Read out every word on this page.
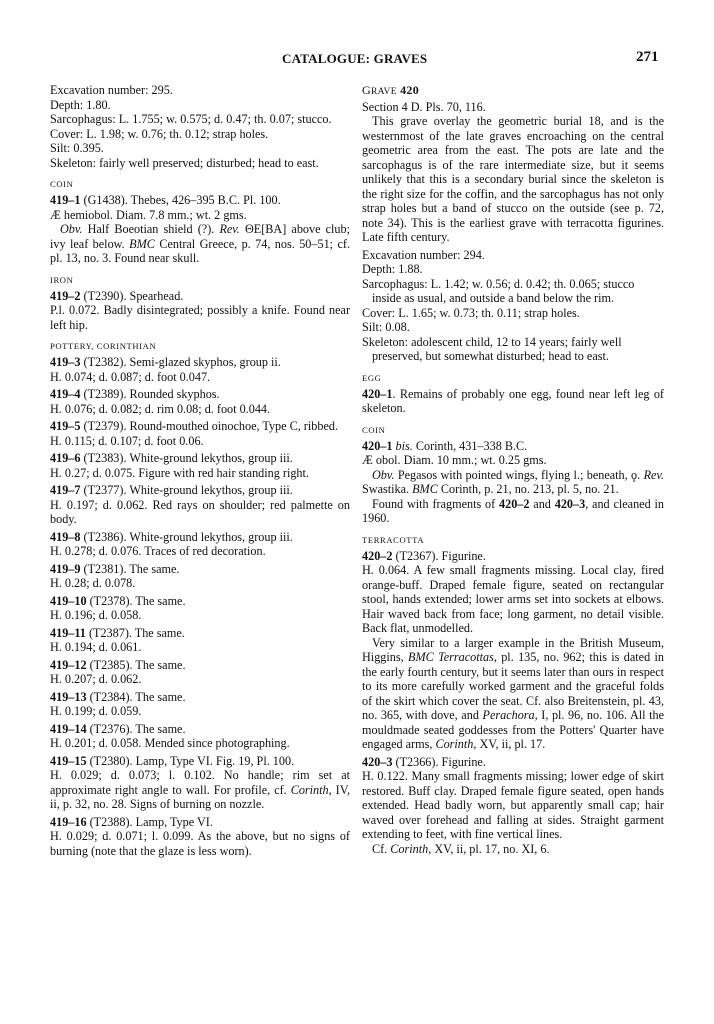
CATALOGUE: GRAVES	271

Excavation number: 295.

Depth: 1.80.

Sarcophagus: L. 1.755; w. 0.575; d. 0.47; th. 0.07; stucco.

Cover: L. 1.98; w. 0.76; th. 0.12; strap holes.

Silt: 0.395.

Skeleton: fairly well preserved; disturbed; head to east.

COIN

419–1 (G1438). Thebes, 426–395 B.C. Pl. 100.

Æ hemiobol. Diam. 7.8 mm.; wt. 2 gms.

Obv. Half Boeotian shield (?). Rev. ΘΕ[ΒΑ] above club; ivy leaf below. BMC Central Greece, p. 74, nos. 50–51; cf. pl. 13, no. 3. Found near skull.

IRON

419–2 (T2390). Spearhead.

P.l. 0.072. Badly disintegrated; possibly a knife. Found near left hip.

POTTERY, CORINTHIAN

419–3 (T2382). Semi-glazed skyphos, group ii.

H. 0.074; d. 0.087; d. foot 0.047.

419–4 (T2389). Rounded skyphos.

H. 0.076; d. 0.082; d. rim 0.08; d. foot 0.044.

419–5 (T2379). Round-mouthed oinochoe, Type C, ribbed.

H. 0.115; d. 0.107; d. foot 0.06.

419–6 (T2383). White-ground lekythos, group iii.

H. 0.27; d. 0.075. Figure with red hair standing right.

419–7 (T2377). White-ground lekythos, group iii.

H. 0.197; d. 0.062. Red rays on shoulder; red palmette on body.

419–8 (T2386). White-ground lekythos, group iii.

H. 0.278; d. 0.076. Traces of red decoration.

419–9 (T2381). The same.

H. 0.28; d. 0.078.

419–10 (T2378). The same.

H. 0.196; d. 0.058.

419–11 (T2387). The same.

H. 0.194; d. 0.061.

419–12 (T2385). The same.

H. 0.207; d. 0.062.

419–13 (T2384). The same.

H. 0.199; d. 0.059.

419–14 (T2376). The same.

H. 0.201; d. 0.058. Mended since photographing.

419–15 (T2380). Lamp, Type VI. Fig. 19, Pl. 100.

H. 0.029; d. 0.073; l. 0.102. No handle; rim set at approximate right angle to wall. For profile, cf. Corinth, IV, ii, p. 32, no. 28. Signs of burning on nozzle.

419–16 (T2388). Lamp, Type VI.

H. 0.029; d. 0.071; l. 0.099. As the above, but no signs of burning (note that the glaze is less worn).

GRAVE 420

Section 4 D. Pls. 70, 116.

This grave overlay the geometric burial 18, and is the westernmost of the late graves encroaching on the central geometric area from the east. The pots are late and the sarcophagus is of the rare intermediate size, but it seems unlikely that this is a secondary burial since the skeleton is the right size for the coffin, and the sarcophagus has not only strap holes but a band of stucco on the outside (see p. 72, note 34). This is the earliest grave with terracotta figurines. Late fifth century.

Excavation number: 294.

Depth: 1.88.

Sarcophagus: L. 1.42; w. 0.56; d. 0.42; th. 0.065; stucco inside as usual, and outside a band below the rim.

Cover: L. 1.65; w. 0.73; th. 0.11; strap holes.

Silt: 0.08.

Skeleton: adolescent child, 12 to 14 years; fairly well preserved, but somewhat disturbed; head to east.

EGG

420–1. Remains of probably one egg, found near left leg of skeleton.

COIN

420–1 bis. Corinth, 431–338 B.C.

Æ obol. Diam. 10 mm.; wt. 0.25 gms.

Obv. Pegasos with pointed wings, flying l.; beneath, ϙ. Rev. Swastika. BMC Corinth, p. 21, no. 213, pl. 5, no. 21.

Found with fragments of 420–2 and 420–3, and cleaned in 1960.

TERRACOTTA

420–2 (T2367). Figurine.

H. 0.064. A few small fragments missing. Local clay, fired orange-buff. Draped female figure, seated on rectangular stool, hands extended; lower arms set into sockets at elbows. Hair waved back from face; long garment, no detail visible. Back flat, unmodelled.

Very similar to a larger example in the British Museum, Higgins, BMC Terracottas, pl. 135, no. 962; this is dated in the early fourth century, but it seems later than ours in respect to its more carefully worked garment and the graceful folds of the skirt which cover the seat. Cf. also Breitenstein, pl. 43, no. 365, with dove, and Perachora, I, pl. 96, no. 106. All the mouldmade seated goddesses from the Potters' Quarter have engaged arms, Corinth, XV, ii, pl. 17.

420–3 (T2366). Figurine.

H. 0.122. Many small fragments missing; lower edge of skirt restored. Buff clay. Draped female figure seated, open hands extended. Head badly worn, but apparently small cap; hair waved over forehead and falling at sides. Straight garment extending to feet, with fine vertical lines.

Cf. Corinth, XV, ii, pl. 17, no. XI, 6.
